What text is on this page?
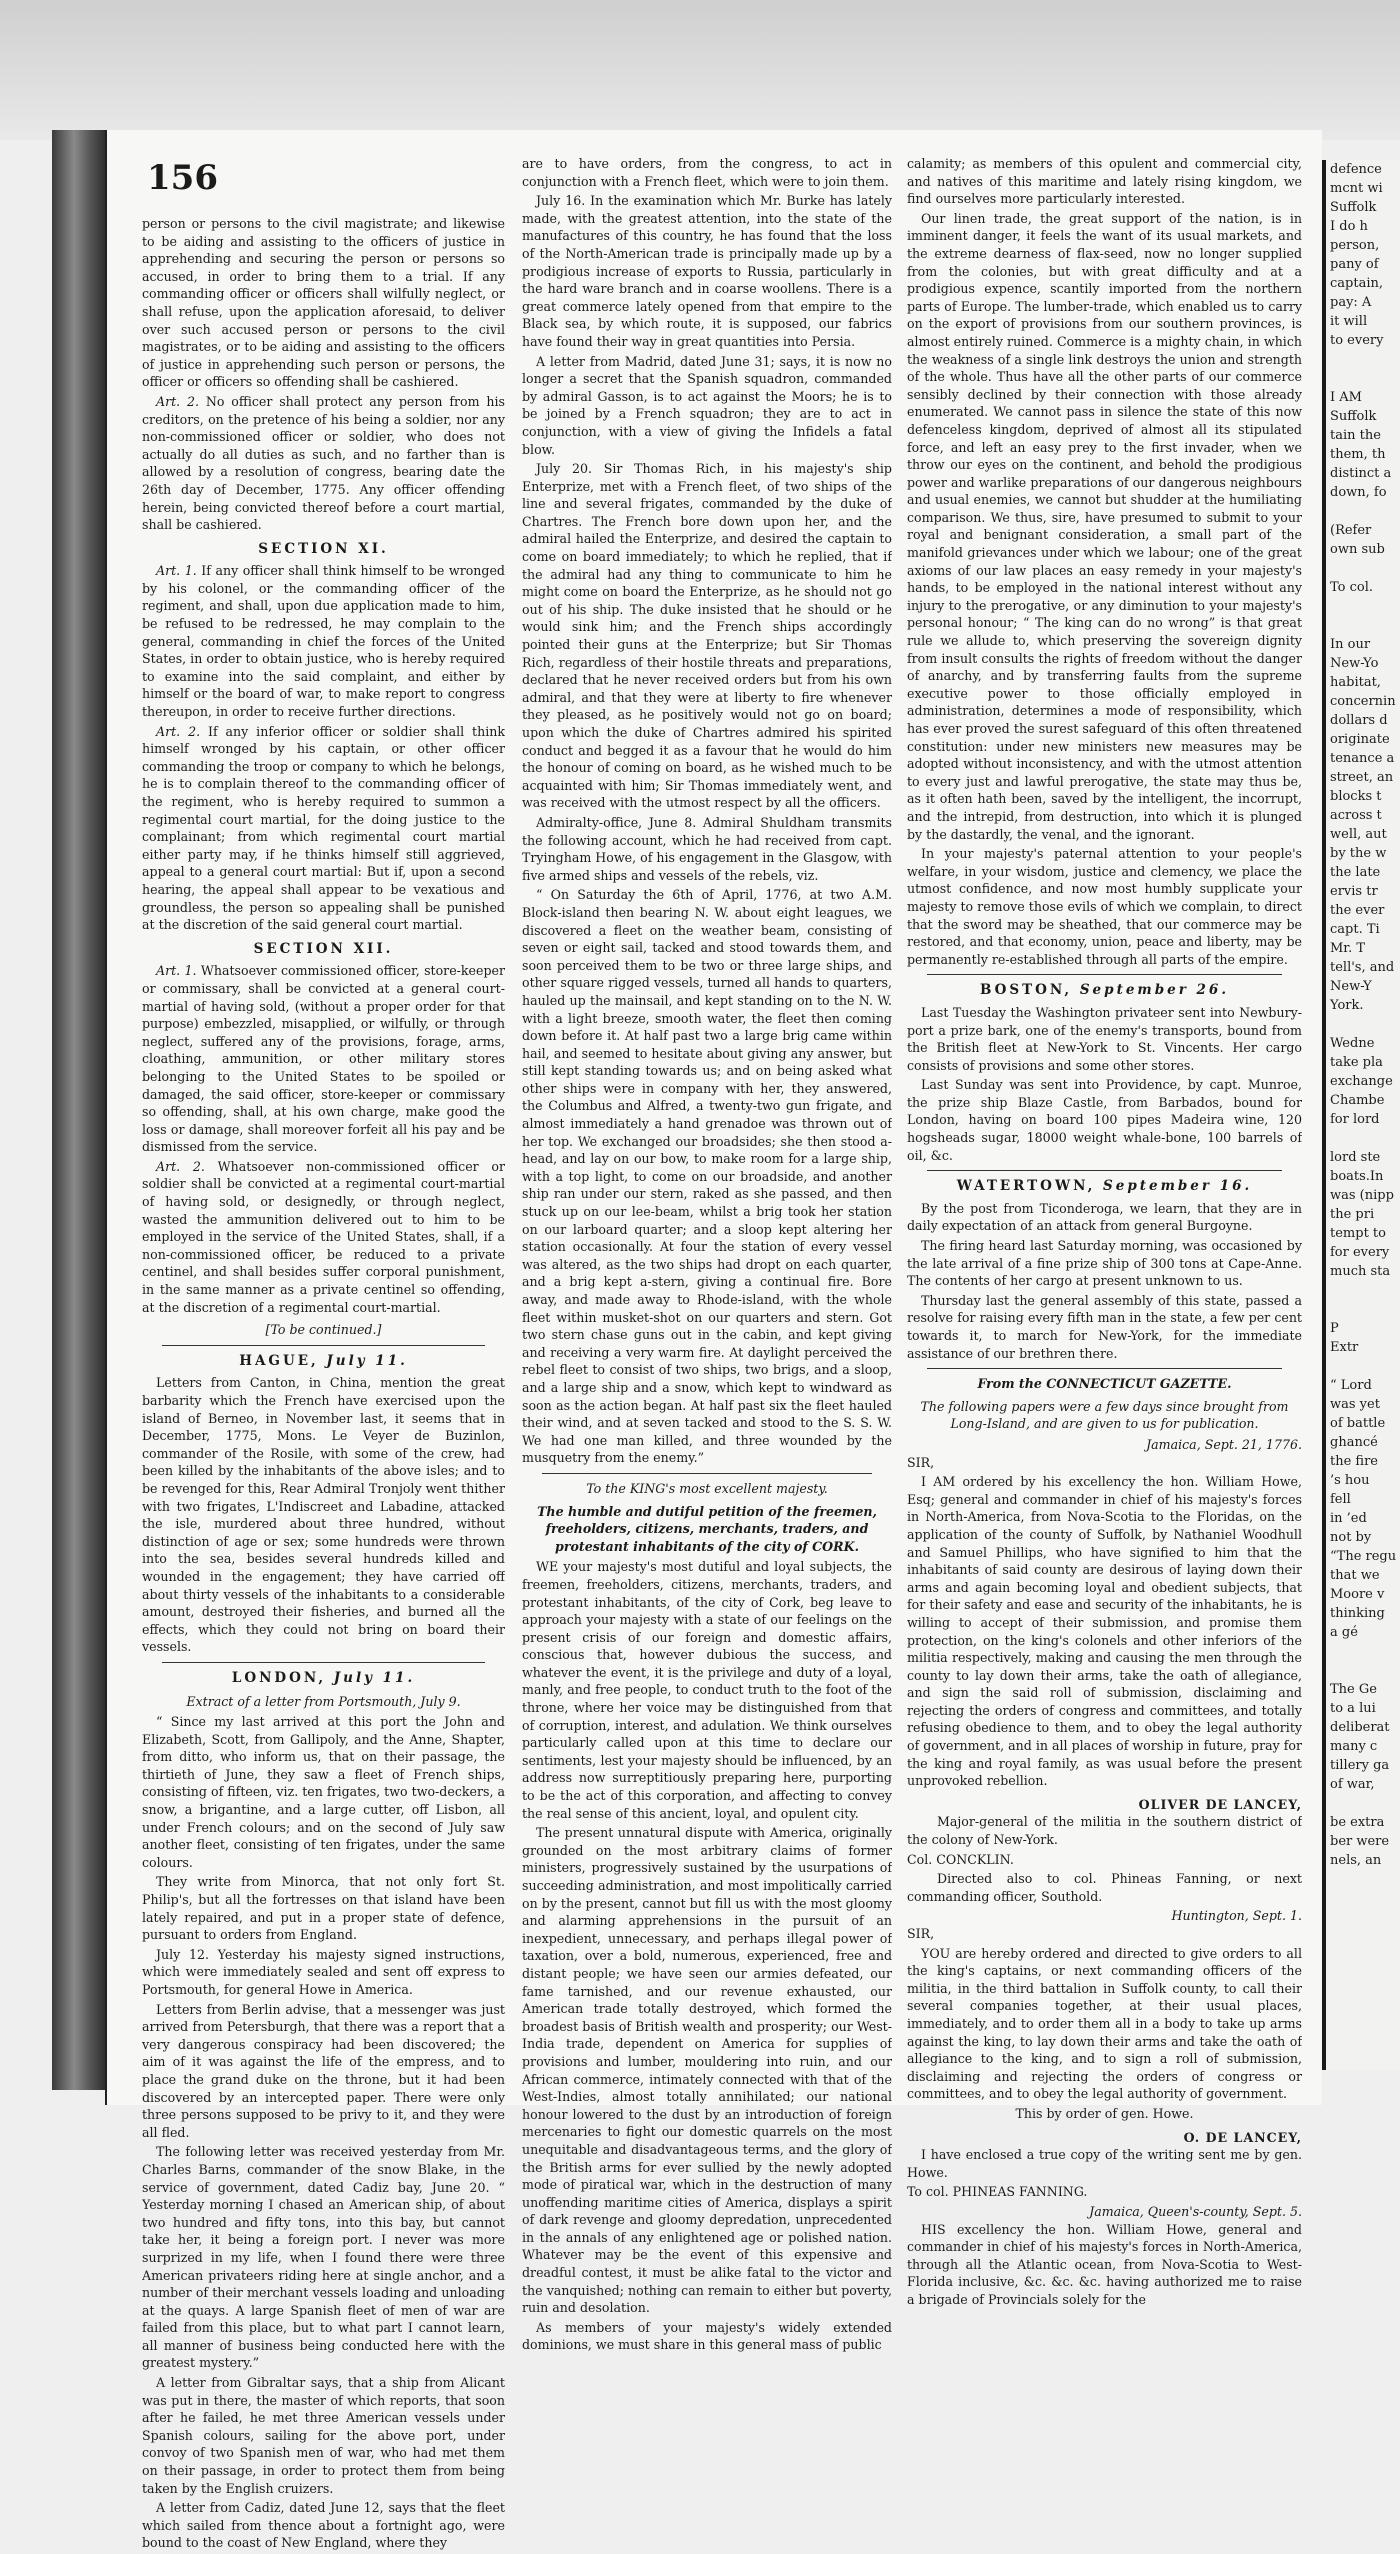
156

person or persons to the civil magistrate; and likewise to be aiding and assisting to the officers of justice in apprehending and securing the person or persons so accused, in order to bring them to a trial. If any commanding officer or officers shall wilfully neglect, or shall refuse, upon the application aforesaid, to deliver over such accused person or persons to the civil magistrates, or to be aiding and assisting to the officers of justice in apprehending such person or persons, the officer or officers so offending shall be cashiered.

Art. 2. No officer shall protect any person from his creditors, on the pretence of his being a soldier, nor any non-commissioned officer or soldier, who does not actually do all duties as such, and no farther than is allowed by a resolution of congress, bearing date the 26th day of December, 1775. Any officer offending herein, being convicted thereof before a court martial, shall be cashiered.

SECTION XI.

Art. 1. If any officer shall think himself to be wronged by his colonel, or the commanding officer of the regiment, and shall, upon due application made to him, be refused to be redressed, he may complain to the general, commanding in chief the forces of the United States, in order to obtain justice, who is hereby required to examine into the said complaint, and either by himself or the board of war, to make report to congress thereupon, in order to receive further directions.

Art. 2. If any inferior officer or soldier shall think himself wronged by his captain, or other officer commanding the troop or company to which he belongs, he is to complain thereof to the commanding officer of the regiment, who is hereby required to summon a regimental court martial, for the doing justice to the complainant; from which regimental court martial either party may, if he thinks himself still aggrieved, appeal to a general court martial: But if, upon a second hearing, the appeal shall appear to be vexatious and groundless, the person so appealing shall be punished at the discretion of the said general court martial.

SECTION XII.

Art. 1. Whatsoever commissioned officer, store-keeper or commissary, shall be convicted at a general court-martial of having sold, (without a proper order for that purpose) embezzled, misapplied, or wilfully, or through neglect, suffered any of the provisions, forage, arms, cloathing, ammunition, or other military stores belonging to the United States to be spoiled or damaged, the said officer, store-keeper or commissary so offending, shall, at his own charge, make good the loss or damage, shall moreover forfeit all his pay and be dismissed from the service.

Art. 2. Whatsoever non-commissioned officer or soldier shall be convicted at a regimental court-martial of having sold, or designedly, or through neglect, wasted the ammunition delivered out to him to be employed in the service of the United States, shall, if a non-commissioned officer, be reduced to a private centinel, and shall besides suffer corporal punishment, in the same manner as a private centinel so offending, at the discretion of a regimental court-martial.

[To be continued.]
HAGUE, July 11.

Letters from Canton, in China, mention the great barbarity which the French have exercised upon the island of Berneo, in November last, it seems that in December, 1775, Mons. Le Veyer de Buzinlon, commander of the Rosile, with some of the crew, had been killed by the inhabitants of the above isles; and to be revenged for this, Rear Admiral Tronjoly went thither with two frigates, L'Indiscreet and Labadine, attacked the isle, murdered about three hundred, without distinction of age or sex; some hundreds were thrown into the sea, besides several hundreds killed and wounded in the engagement; they have carried off about thirty vessels of the inhabitants to a considerable amount, destroyed their fisheries, and burned all the effects, which they could not bring on board their vessels.

LONDON, July 11.
Extract of a letter from Portsmouth, July 9.

“ Since my last arrived at this port the John and Elizabeth, Scott, from Gallipoly, and the Anne, Shapter, from ditto, who inform us, that on their passage, the thirtieth of June, they saw a fleet of French ships, consisting of fifteen, viz. ten frigates, two two-deckers, a snow, a brigantine, and a large cutter, off Lisbon, all under French colours; and on the second of July saw another fleet, consisting of ten frigates, under the same colours.

They write from Minorca, that not only fort St. Philip's, but all the fortresses on that island have been lately repaired, and put in a proper state of defence, pursuant to orders from England.

July 12. Yesterday his majesty signed instructions, which were immediately sealed and sent off express to Portsmouth, for general Howe in America.

Letters from Berlin advise, that a messenger was just arrived from Petersburgh, that there was a report that a very dangerous conspiracy had been discovered; the aim of it was against the life of the empress, and to place the grand duke on the throne, but it had been discovered by an intercepted paper. There were only three persons supposed to be privy to it, and they were all fled.

The following letter was received yesterday from Mr. Charles Barns, commander of the snow Blake, in the service of government, dated Cadiz bay, June 20. “ Yesterday morning I chased an American ship, of about two hundred and fifty tons, into this bay, but cannot take her, it being a foreign port. I never was more surprized in my life, when I found there were three American privateers riding here at single anchor, and a number of their merchant vessels loading and unloading at the quays. A large Spanish fleet of men of war are failed from this place, but to what part I cannot learn, all manner of business being conducted here with the greatest mystery.”

A letter from Gibraltar says, that a ship from Alicant was put in there, the master of which reports, that soon after he failed, he met three American vessels under Spanish colours, sailing for the above port, under convoy of two Spanish men of war, who had met them on their passage, in order to protect them from being taken by the English cruizers.

A letter from Cadiz, dated June 12, says that the fleet which sailed from thence about a fortnight ago, were bound to the coast of New England, where they

are to have orders, from the congress, to act in conjunction with a French fleet, which were to join them.

July 16. In the examination which Mr. Burke has lately made, with the greatest attention, into the state of the manufactures of this country, he has found that the loss of the North-American trade is principally made up by a prodigious increase of exports to Russia, particularly in the hard ware branch and in coarse woollens. There is a great commerce lately opened from that empire to the Black sea, by which route, it is supposed, our fabrics have found their way in great quantities into Persia.

A letter from Madrid, dated June 31; says, it is now no longer a secret that the Spanish squadron, commanded by admiral Gasson, is to act against the Moors; he is to be joined by a French squadron; they are to act in conjunction, with a view of giving the Infidels a fatal blow.

July 20. Sir Thomas Rich, in his majesty's ship Enterprize, met with a French fleet, of two ships of the line and several frigates, commanded by the duke of Chartres. The French bore down upon her, and the admiral hailed the Enterprize, and desired the captain to come on board immediately; to which he replied, that if the admiral had any thing to communicate to him he might come on board the Enterprize, as he should not go out of his ship. The duke insisted that he should or he would sink him; and the French ships accordingly pointed their guns at the Enterprize; but Sir Thomas Rich, regardless of their hostile threats and preparations, declared that he never received orders but from his own admiral, and that they were at liberty to fire whenever they pleased, as he positively would not go on board; upon which the duke of Chartres admired his spirited conduct and begged it as a favour that he would do him the honour of coming on board, as he wished much to be acquainted with him; Sir Thomas immediately went, and was received with the utmost respect by all the officers.

Admiralty-office, June 8. Admiral Shuldham transmits the following account, which he had received from capt. Tryingham Howe, of his engagement in the Glasgow, with five armed ships and vessels of the rebels, viz.

“ On Saturday the 6th of April, 1776, at two A.M. Block-island then bearing N. W. about eight leagues, we discovered a fleet on the weather beam, consisting of seven or eight sail, tacked and stood towards them, and soon perceived them to be two or three large ships, and other square rigged vessels, turned all hands to quarters, hauled up the mainsail, and kept standing on to the N. W. with a light breeze, smooth water, the fleet then coming down before it. At half past two a large brig came within hail, and seemed to hesitate about giving any answer, but still kept standing towards us; and on being asked what other ships were in company with her, they answered, the Columbus and Alfred, a twenty-two gun frigate, and almost immediately a hand grenadoe was thrown out of her top. We exchanged our broadsides; she then stood a-head, and lay on our bow, to make room for a large ship, with a top light, to come on our broadside, and another ship ran under our stern, raked as she passed, and then stuck up on our lee-beam, whilst a brig took her station on our larboard quarter; and a sloop kept altering her station occasionally. At four the station of every vessel was altered, as the two ships had dropt on each quarter, and a brig kept a-stern, giving a continual fire. Bore away, and made away to Rhode-island, with the whole fleet within musket-shot on our quarters and stern. Got two stern chase guns out in the cabin, and kept giving and receiving a very warm fire. At daylight perceived the rebel fleet to consist of two ships, two brigs, and a sloop, and a large ship and a snow, which kept to windward as soon as the action began. At half past six the fleet hauled their wind, and at seven tacked and stood to the S. S. W. We had one man killed, and three wounded by the musquetry from the enemy.”

To the KING's most excellent majesty.
The humble and dutiful petition of the freemen, freeholders, citizens, merchants, traders, and protestant inhabitants of the city of CORK.

WE your majesty's most dutiful and loyal subjects, the freemen, freeholders, citizens, merchants, traders, and protestant inhabitants, of the city of Cork, beg leave to approach your majesty with a state of our feelings on the present crisis of our foreign and domestic affairs, conscious that, however dubious the success, and whatever the event, it is the privilege and duty of a loyal, manly, and free people, to conduct truth to the foot of the throne, where her voice may be distinguished from that of corruption, interest, and adulation. We think ourselves particularly called upon at this time to declare our sentiments, lest your majesty should be influenced, by an address now surreptitiously preparing here, purporting to be the act of this corporation, and affecting to convey the real sense of this ancient, loyal, and opulent city.

The present unnatural dispute with America, originally grounded on the most arbitrary claims of former ministers, progressively sustained by the usurpations of succeeding administration, and most impolitically carried on by the present, cannot but fill us with the most gloomy and alarming apprehensions in the pursuit of an inexpedient, unnecessary, and perhaps illegal power of taxation, over a bold, numerous, experienced, free and distant people; we have seen our armies defeated, our fame tarnished, and our revenue exhausted, our American trade totally destroyed, which formed the broadest basis of British wealth and prosperity; our West-India trade, dependent on America for supplies of provisions and lumber, mouldering into ruin, and our African commerce, intimately connected with that of the West-Indies, almost totally annihilated; our national honour lowered to the dust by an introduction of foreign mercenaries to fight our domestic quarrels on the most unequitable and disadvantageous terms, and the glory of the British arms for ever sullied by the newly adopted mode of piratical war, which in the destruction of many unoffending maritime cities of America, displays a spirit of dark revenge and gloomy depredation, unprecedented in the annals of any enlightened age or polished nation. Whatever may be the event of this expensive and dreadful contest, it must be alike fatal to the victor and the vanquished; nothing can remain to either but poverty, ruin and desolation.

As members of your majesty's widely extended dominions, we must share in this general mass of public

calamity; as members of this opulent and commercial city, and natives of this maritime and lately rising kingdom, we find ourselves more particularly interested.

Our linen trade, the great support of the nation, is in imminent danger, it feels the want of its usual markets, and the extreme dearness of flax-seed, now no longer supplied from the colonies, but with great difficulty and at a prodigious expence, scantily imported from the northern parts of Europe. The lumber-trade, which enabled us to carry on the export of provisions from our southern provinces, is almost entirely ruined. Commerce is a mighty chain, in which the weakness of a single link destroys the union and strength of the whole. Thus have all the other parts of our commerce sensibly declined by their connection with those already enumerated. We cannot pass in silence the state of this now defenceless kingdom, deprived of almost all its stipulated force, and left an easy prey to the first invader, when we throw our eyes on the continent, and behold the prodigious power and warlike preparations of our dangerous neighbours and usual enemies, we cannot but shudder at the humiliating comparison. We thus, sire, have presumed to submit to your royal and benignant consideration, a small part of the manifold grievances under which we labour; one of the great axioms of our law places an easy remedy in your majesty's hands, to be employed in the national interest without any injury to the prerogative, or any diminution to your majesty's personal honour; “ The king can do no wrong” is that great rule we allude to, which preserving the sovereign dignity from insult consults the rights of freedom without the danger of anarchy, and by transferring faults from the supreme executive power to those officially employed in administration, determines a mode of responsibility, which has ever proved the surest safeguard of this often threatened constitution: under new ministers new measures may be adopted without inconsistency, and with the utmost attention to every just and lawful prerogative, the state may thus be, as it often hath been, saved by the intelligent, the incorrupt, and the intrepid, from destruction, into which it is plunged by the dastardly, the venal, and the ignorant.

In your majesty's paternal attention to your people's welfare, in your wisdom, justice and clemency, we place the utmost confidence, and now most humbly supplicate your majesty to remove those evils of which we complain, to direct that the sword may be sheathed, that our commerce may be restored, and that economy, union, peace and liberty, may be permanently re-established through all parts of the empire.

BOSTON, September 26.

Last Tuesday the Washington privateer sent into Newbury-port a prize bark, one of the enemy's transports, bound from the British fleet at New-York to St. Vincents. Her cargo consists of provisions and some other stores.

Last Sunday was sent into Providence, by capt. Munroe, the prize ship Blaze Castle, from Barbados, bound for London, having on board 100 pipes Madeira wine, 120 hogsheads sugar, 18000 weight whale-bone, 100 barrels of oil, &c.

WATERTOWN, September 16.

By the post from Ticonderoga, we learn, that they are in daily expectation of an attack from general Burgoyne.

The firing heard last Saturday morning, was occasioned by the late arrival of a fine prize ship of 300 tons at Cape-Anne. The contents of her cargo at present unknown to us.

Thursday last the general assembly of this state, passed a resolve for raising every fifth man in the state, a few per cent towards it, to march for New-York, for the immediate assistance of our brethren there.

From the CONNECTICUT GAZETTE.
The following papers were a few days since brought from Long-Island, and are given to us for publication.
Jamaica, Sept. 21, 1776.

SIR,

I AM ordered by his excellency the hon. William Howe, Esq; general and commander in chief of his majesty's forces in North-America, from Nova-Scotia to the Floridas, on the application of the county of Suffolk, by Nathaniel Woodhull and Samuel Phillips, who have signified to him that the inhabitants of said county are desirous of laying down their arms and again becoming loyal and obedient subjects, that for their safety and ease and security of the inhabitants, he is willing to accept of their submission, and promise them protection, on the king's colonels and other inferiors of the militia respectively, making and causing the men through the county to lay down their arms, take the oath of allegiance, and sign the said roll of submission, disclaiming and rejecting the orders of congress and committees, and totally refusing obedience to them, and to obey the legal authority of government, and in all places of worship in future, pray for the king and royal family, as was usual before the present unprovoked rebellion.

OLIVER DE LANCEY,

Major-general of the militia in the southern district of the colony of New-York.

Col. CONCKLIN.

Directed also to col. Phineas Fanning, or next commanding officer, Southold.

Huntington, Sept. 1.

SIR,

YOU are hereby ordered and directed to give orders to all the king's captains, or next commanding officers of the militia, in the third battalion in Suffolk county, to call their several companies together, at their usual places, immediately, and to order them all in a body to take up arms against the king, to lay down their arms and take the oath of allegiance to the king, and to sign a roll of submission, disclaiming and rejecting the orders of congress or committees, and to obey the legal authority of government.

This by order of gen. Howe.

O. DE LANCEY,

I have enclosed a true copy of the writing sent me by gen. Howe.

To col. PHINEAS FANNING.

Jamaica, Queen's-county, Sept. 5.

HIS excellency the hon. William Howe, general and commander in chief of his majesty's forces in North-America, through all the Atlantic ocean, from Nova-Scotia to West-Florida inclusive, &c. &c. &c. having authorized me to raise a brigade of Provincials solely for the

defence
mcnt wi
Suffolk
I do h
person,
pany of
captain,
pay: A
it will
to every

I AM
Suffolk
tain the
them, th
distinct a
down, fo

(Refer
own sub

To col.

In our
New-Yo
habitat,
concernin
dollars d
originate
tenance a
street, an
blocks t
across t
well, aut
by the w
the late
ervis tr
the ever
capt. Ti
Mr. T
tell's, and
New-Y
York.

Wedne
take pla
exchange
Chambe
for lord

lord ste
boats.In
was (nipp
the pri
tempt to
for every
much sta

P
Extr

“ Lord
was yet
of battle
ghancé
the fire
’s hou
fell
in ’ed
not by
“The regu
that we
Moore v
thinking
a gé

The Ge
to a lui
deliberat
many c
tillery ga
of war,

be extra
ber were
nels, an
